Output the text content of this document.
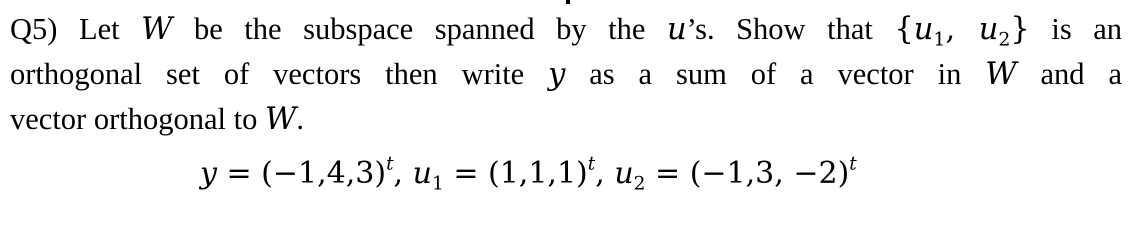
Q5) Let W be the subspace spanned by the u’s. Show that {$u_1$, $u_2$} is an
orthogonal set of vectors then write y as a sum of a vector in W and a
vector orthogonal to W.
$y = (-1,4,3)^t$, $u_1 = (1,1,1)^t$, $u_2 = (-1,3$, −2)$^t$
